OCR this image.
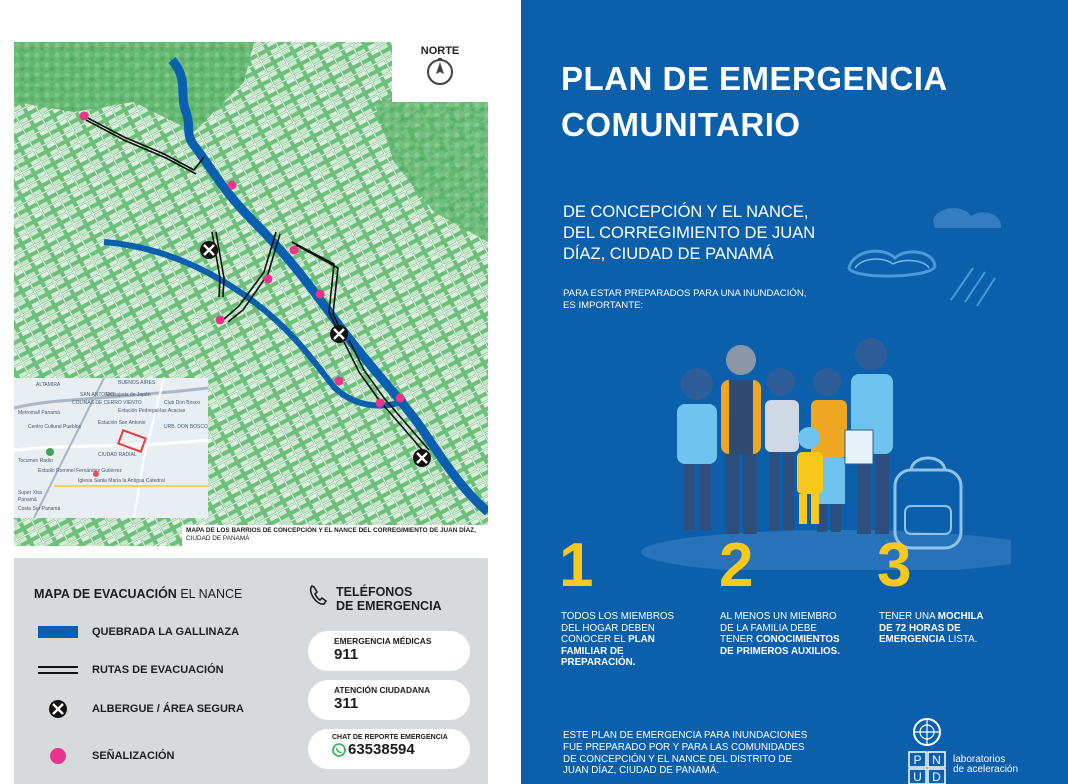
NORTE
ALTAMIRA	BUENOS AIRES
SAN ANTONIO
COLINAS DE CERRO VIENTO
Metromall Panamá
Centro Cultural Pueblos
Embajada de Japón
Estación Pedregal-las Acacias
Estación San Antonio
URB. DON BOSCO
Club Don Bosco
CIUDAD RADIAL
Estadio Rommel Fernández Gutiérrez
Tocumen Radio
Iglesia Santa María la Antigua Catedral
Super Xtra
Panamá
Costa Sur Panamá
MAPA DE LOS BARRIOS DE CONCEPCIÓN Y EL NANCE DEL CORREGIMIENTO DE JUAN DÍAZ, CIUDAD DE PANAMÁ
MAPA DE EVACUACIÓN EL NANCE
QUEBRADA LA GALLINAZA
RUTAS DE EVACUACIÓN
ALBERGUE / ÁREA SEGURA
SEÑALIZACIÓN
TELÉFONOS
DE EMERGENCIA
EMERGENCIA MÉDICAS
911
ATENCIÓN CIUDADANA
311
CHAT DE REPORTE EMERGENCIA
63538594
PLAN DE EMERGENCIA
COMUNITARIO
DE CONCEPCIÓN Y EL NANCE,
DEL CORREGIMIENTO DE JUAN
DÍAZ, CIUDAD DE PANAMÁ
PARA ESTAR PREPARADOS PARA UNA INUNDACIÓN,
ES IMPORTANTE:
1 2 3
TODOS LOS MIEMBROS
DEL HOGAR DEBEN
CONOCER EL PLAN
FAMILIAR DE
PREPARACIÓN.
AL MENOS UN MIEMBRO
DE LA FAMILIA DEBE
TENER CONOCIMIENTOS
DE PRIMEROS AUXILIOS.
TENER UNA MOCHILA
DE 72 HORAS DE
EMERGENCIA LISTA.
ESTE PLAN DE EMERGENCIA PARA INUNDACIONES
FUE PREPARADO POR Y PARA LAS COMUNIDADES
DE CONCEPCIÓN Y EL NANCE DEL DISTRITO DE
JUAN DÍAZ, CIUDAD DE PANAMÁ.
P N
U D
laboratorios
de aceleración
